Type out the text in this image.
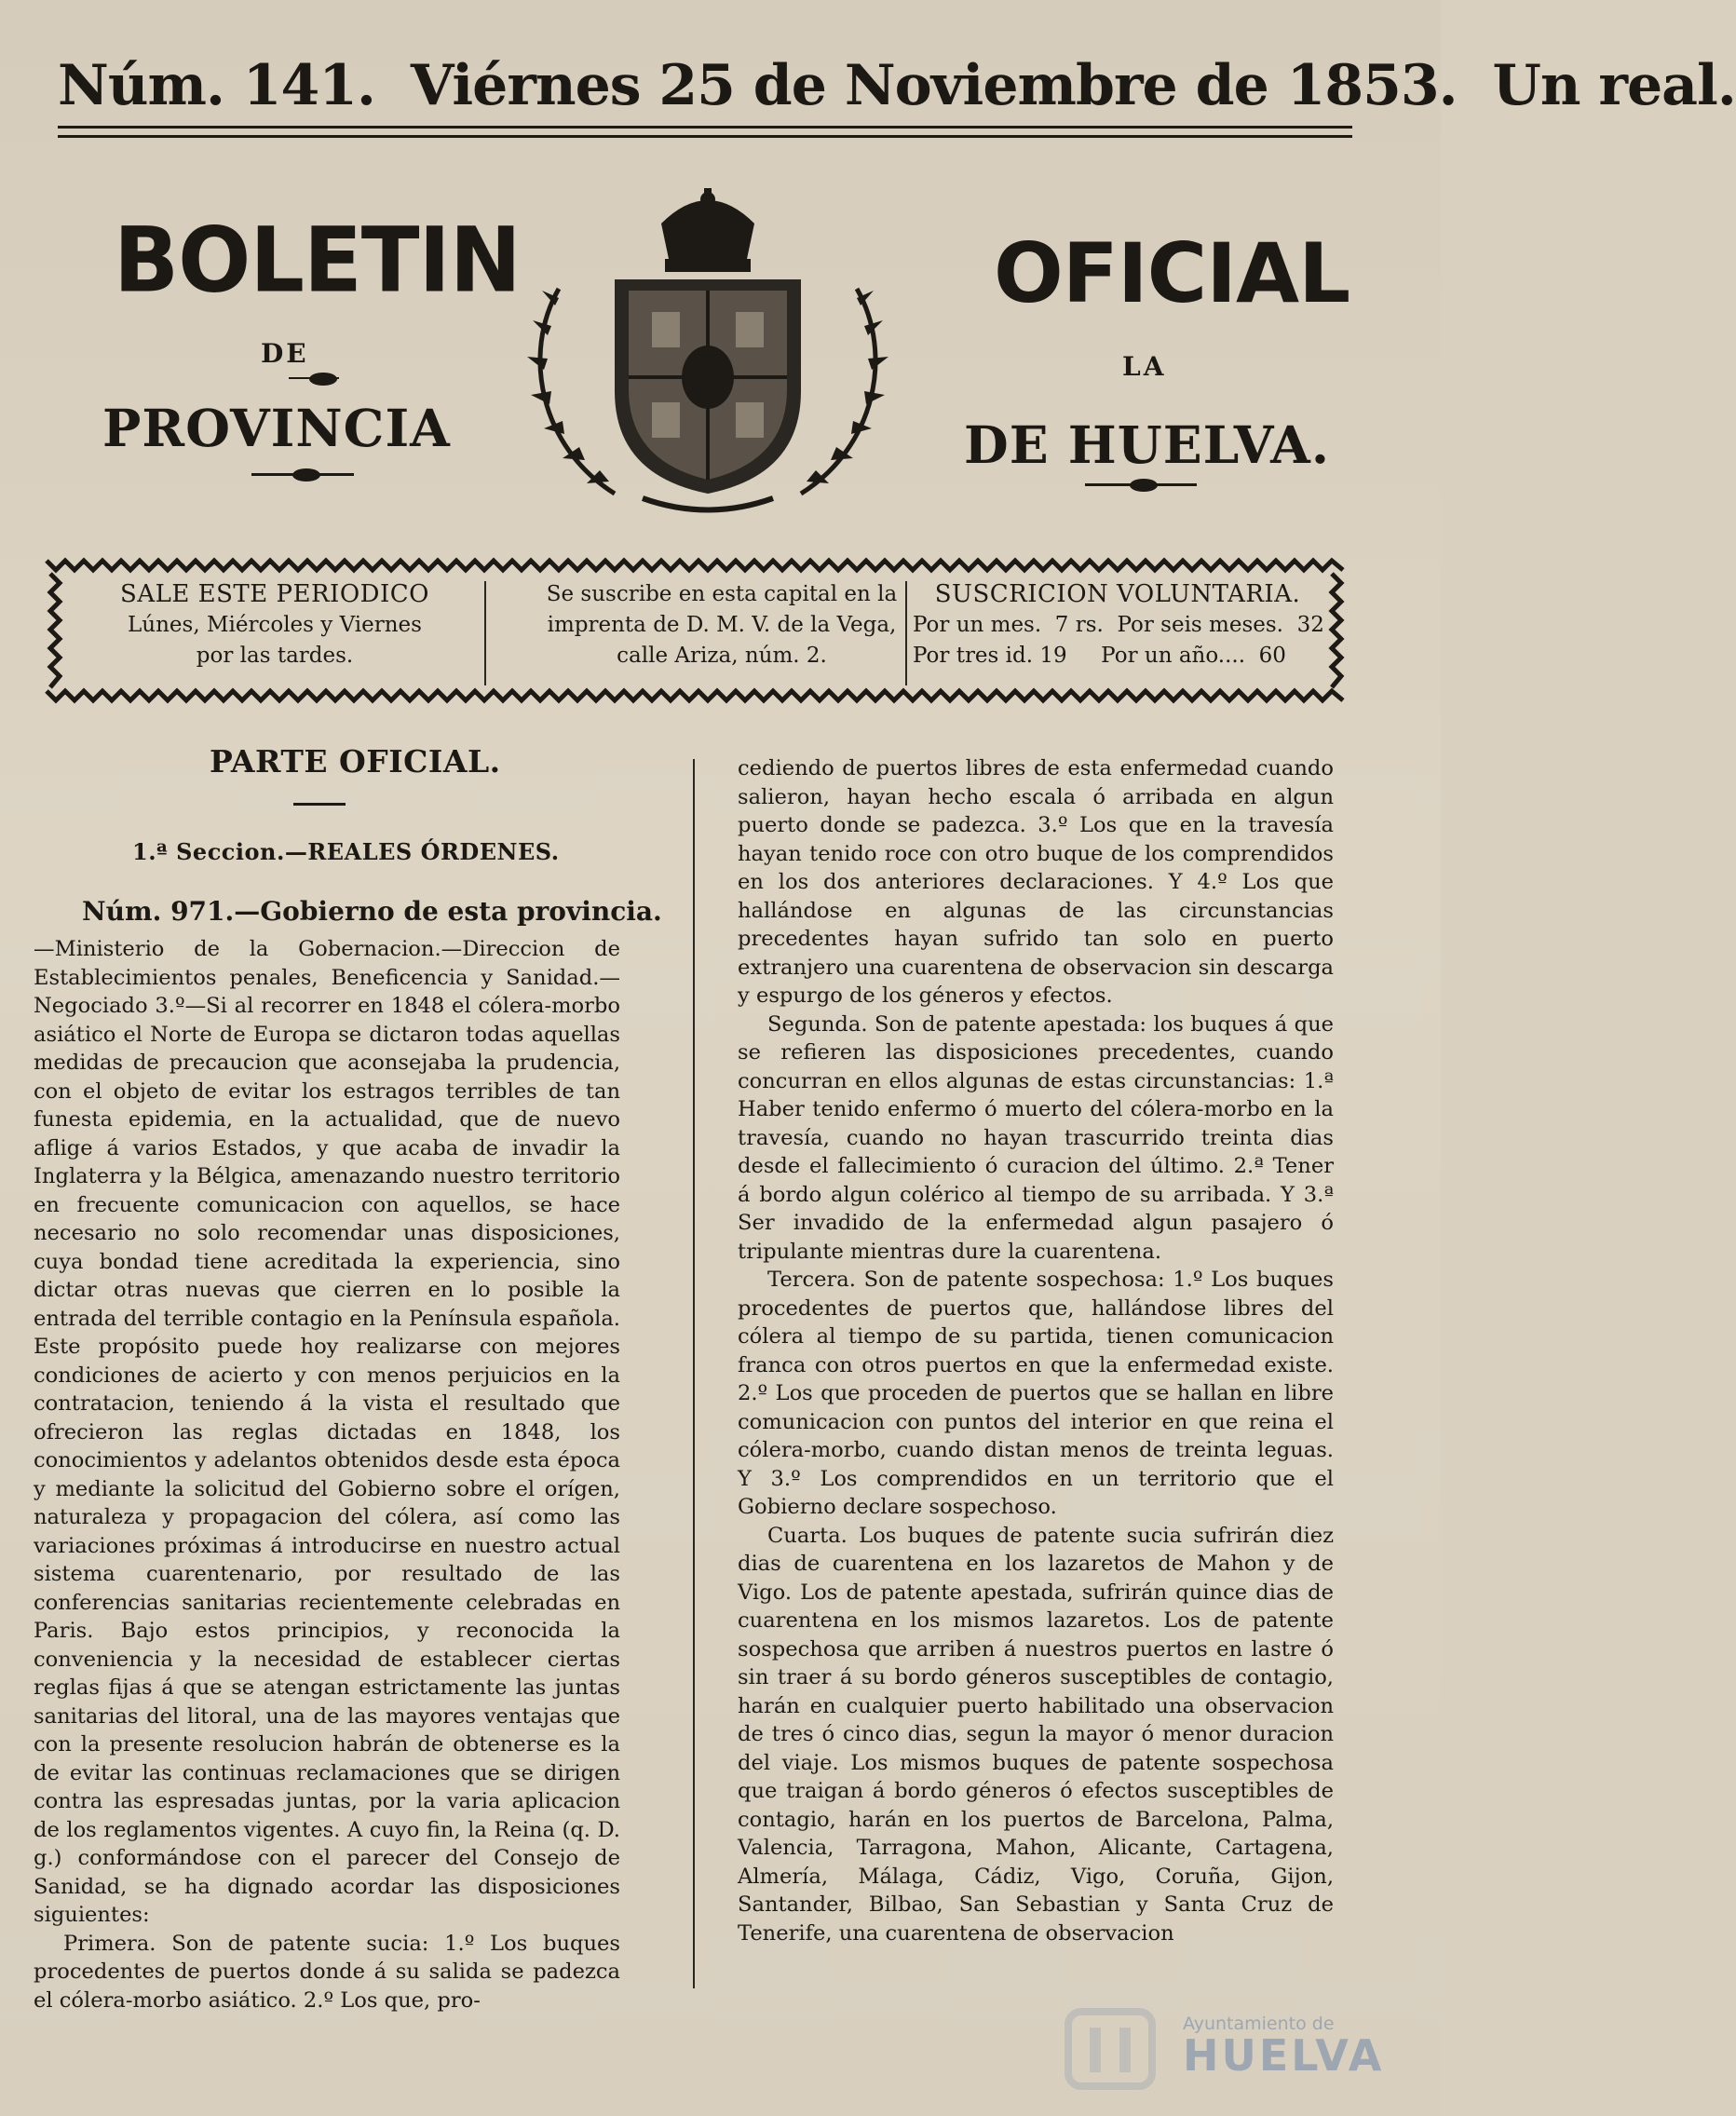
Núm. 141. Viérnes 25 de Noviembre de 1853. Un real.
BOLETIN
DE
PROVINCIA
OFICIAL
LA
DE HUELVA.
SALE ESTE PERIODICO
Lúnes, Miércoles y Viernes
por las tardes.
Se suscribe en esta capital en la
imprenta de D. M. V. de la Vega,
calle Ariza, núm. 2.
SUSCRICION VOLUNTARIA.
Por un mes.  7 rs.  Por seis meses.  32
Por tres id. 19     Por un año....  60
PARTE OFICIAL.
1.ª Seccion.—REALES ÓRDENES.
Núm. 971.—Gobierno de esta provincia.

—Ministerio de la Gobernacion.—Direccion de Establecimientos penales, Beneficencia y Sanidad.— Negociado 3.º—Si al recorrer en 1848 el cólera-morbo asiático el Norte de Europa se dictaron todas aquellas medidas de precaucion que aconsejaba la prudencia, con el objeto de evitar los estragos terribles de tan funesta epidemia, en la actualidad, que de nuevo aflige á varios Estados, y que acaba de invadir la Inglaterra y la Bélgica, amenazando nuestro territorio en frecuente comunicacion con aquellos, se hace necesario no solo recomendar unas disposiciones, cuya bondad tiene acreditada la experiencia, sino dictar otras nuevas que cierren en lo posible la entrada del terrible contagio en la Península española. Este propósito puede hoy realizarse con mejores condiciones de acierto y con menos perjuicios en la contratacion, teniendo á la vista el resultado que ofrecieron las reglas dictadas en 1848, los conocimientos y adelantos obtenidos desde esta época y mediante la solicitud del Gobierno sobre el orígen, naturaleza y propagacion del cólera, así como las variaciones próximas á introducirse en nuestro actual sistema cuarentenario, por resultado de las conferencias sanitarias recientemente celebradas en Paris. Bajo estos principios, y reconocida la conveniencia y la necesidad de establecer ciertas reglas fijas á que se atengan estrictamente las juntas sanitarias del litoral, una de las mayores ventajas que con la presente resolucion habrán de obtenerse es la de evitar las continuas reclamaciones que se dirigen contra las espresadas juntas, por la varia aplicacion de los reglamentos vigentes. A cuyo fin, la Reina (q. D. g.) conformándose con el parecer del Consejo de Sanidad, se ha dignado acordar las disposiciones siguientes:

Primera. Son de patente sucia: 1.º Los buques procedentes de puertos donde á su salida se padezca el cólera-morbo asiático. 2.º Los que, pro-

cediendo de puertos libres de esta enfermedad cuando salieron, hayan hecho escala ó arribada en algun puerto donde se padezca. 3.º Los que en la travesía hayan tenido roce con otro buque de los comprendidos en los dos anteriores declaraciones. Y 4.º Los que hallándose en algunas de las circunstancias precedentes hayan sufrido tan solo en puerto extranjero una cuarentena de observacion sin descarga y espurgo de los géneros y efectos.

Segunda. Son de patente apestada: los buques á que se refieren las disposiciones precedentes, cuando concurran en ellos algunas de estas circunstancias: 1.ª Haber tenido enfermo ó muerto del cólera-morbo en la travesía, cuando no hayan trascurrido treinta dias desde el fallecimiento ó curacion del último. 2.ª Tener á bordo algun colérico al tiempo de su arribada. Y 3.ª Ser invadido de la enfermedad algun pasajero ó tripulante mientras dure la cuarentena.

Tercera. Son de patente sospechosa: 1.º Los buques procedentes de puertos que, hallándose libres del cólera al tiempo de su partida, tienen comunicacion franca con otros puertos en que la enfermedad existe. 2.º Los que proceden de puertos que se hallan en libre comunicacion con puntos del interior en que reina el cólera-morbo, cuando distan menos de treinta leguas. Y 3.º Los comprendidos en un territorio que el Gobierno declare sospechoso.

Cuarta. Los buques de patente sucia sufrirán diez dias de cuarentena en los lazaretos de Mahon y de Vigo. Los de patente apestada, sufrirán quince dias de cuarentena en los mismos lazaretos. Los de patente sospechosa que arriben á nuestros puertos en lastre ó sin traer á su bordo géneros susceptibles de contagio, harán en cualquier puerto habilitado una observacion de tres ó cinco dias, segun la mayor ó menor duracion del viaje. Los mismos buques de patente sospechosa que traigan á bordo géneros ó efectos susceptibles de contagio, harán en los puertos de Barcelona, Palma, Valencia, Tarragona, Mahon, Alicante, Cartagena, Almería, Málaga, Cádiz, Vigo, Coruña, Gijon, Santander, Bilbao, San Sebastian y Santa Cruz de Tenerife, una cuarentena de observacion

Ayuntamiento de
HUELVA
